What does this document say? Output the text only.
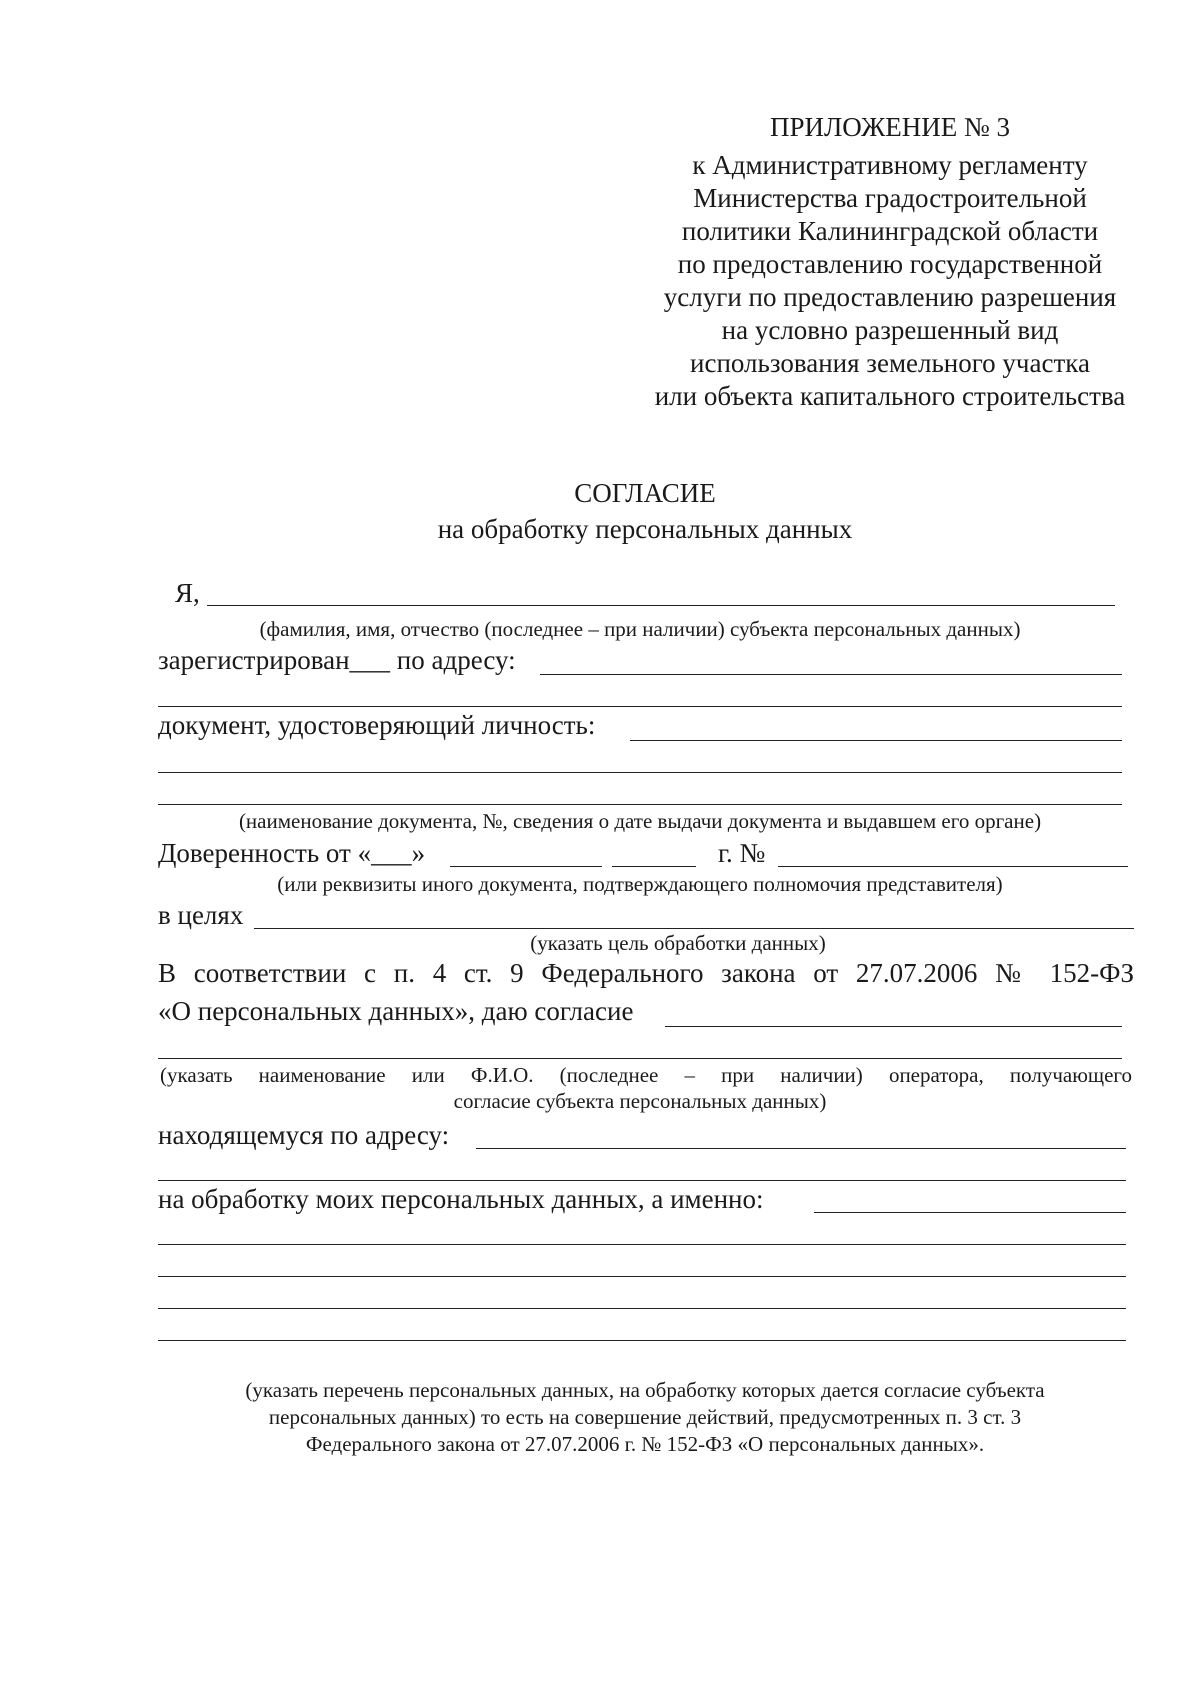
ПРИЛОЖЕНИЕ № 3
к Административному регламенту
Министерства градостроительной
политики Калининградской области
по предоставлению государственной
услуги по предоставлению разрешения
на условно разрешенный вид
использования земельного участка
или объекта капитального строительства
СОГЛАСИЕ
на обработку персональных данных
Я,
(фамилия, имя, отчество (последнее – при наличии) субъекта персональных данных)
зарегистрирован___ по адресу:
документ, удостоверяющий личность:
(наименование документа, №, сведения о дате выдачи документа и выдавшем его органе)
Доверенность от «___»	г. №
(или реквизиты иного документа, подтверждающего полномочия представителя)
в целях
(указать цель обработки данных)
В соответствии с п. 4 ст. 9 Федерального закона от 27.07.2006 № 152-ФЗ
«О персональных данных», даю согласие
(указать наименование или Ф.И.О. (последнее – при наличии) оператора, получающего
согласие субъекта персональных данных)
находящемуся по адресу:
на обработку моих персональных данных, а именно:
(указать перечень персональных данных, на обработку которых дается согласие субъекта
персональных данных) то есть на совершение действий, предусмотренных п. 3 ст. 3
Федерального закона от 27.07.2006 г. № 152-ФЗ «О персональных данных».
